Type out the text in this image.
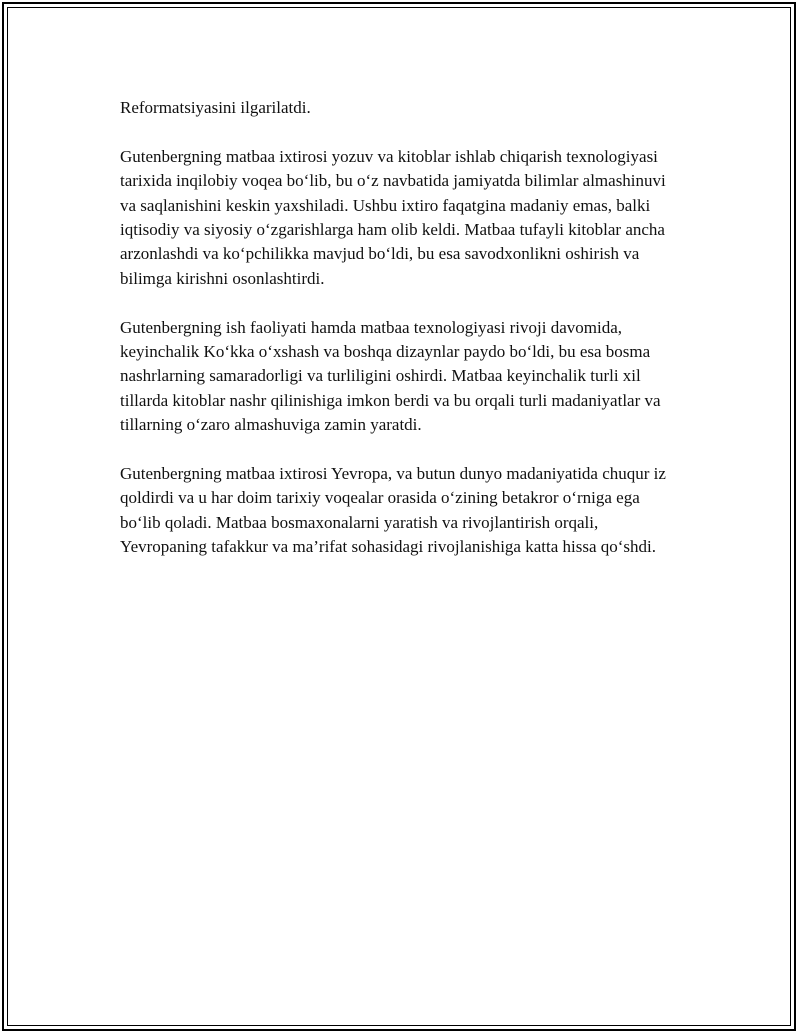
Reformatsiyasini ilgarilatdi.

Gutenbergning matbaa ixtirosi yozuv va kitoblar ishlab chiqarish texnologiyasi tarixida inqilobiy voqea bo‘lib, bu o‘z navbatida jamiyatda bilimlar almashinuvi va saqlanishini keskin yaxshiladi. Ushbu ixtiro faqatgina madaniy emas, balki iqtisodiy va siyosiy o‘zgarishlarga ham olib keldi. Matbaa tufayli kitoblar ancha arzonlashdi va ko‘pchilikka mavjud bo‘ldi, bu esa savodxonlikni oshirish va bilimga kirishni osonlashtirdi.

Gutenbergning ish faoliyati hamda matbaa texnologiyasi rivoji davomida, keyinchalik Ko‘kka o‘xshash va boshqa dizaynlar paydo bo‘ldi, bu esa bosma nashrlarning samaradorligi va turliligini oshirdi. Matbaa keyinchalik turli xil tillarda kitoblar nashr qilinishiga imkon berdi va bu orqali turli madaniyatlar va tillarning o‘zaro almashuviga zamin yaratdi.

Gutenbergning matbaa ixtirosi Yevropa, va butun dunyo madaniyatida chuqur iz qoldirdi va u har doim tarixiy voqealar orasida o‘zining betakror o‘rniga ega bo‘lib qoladi. Matbaa bosmaxonalarni yaratish va rivojlantirish orqali, Yevropaning tafakkur va ma’rifat sohasidagi rivojlanishiga katta hissa qo‘shdi.
